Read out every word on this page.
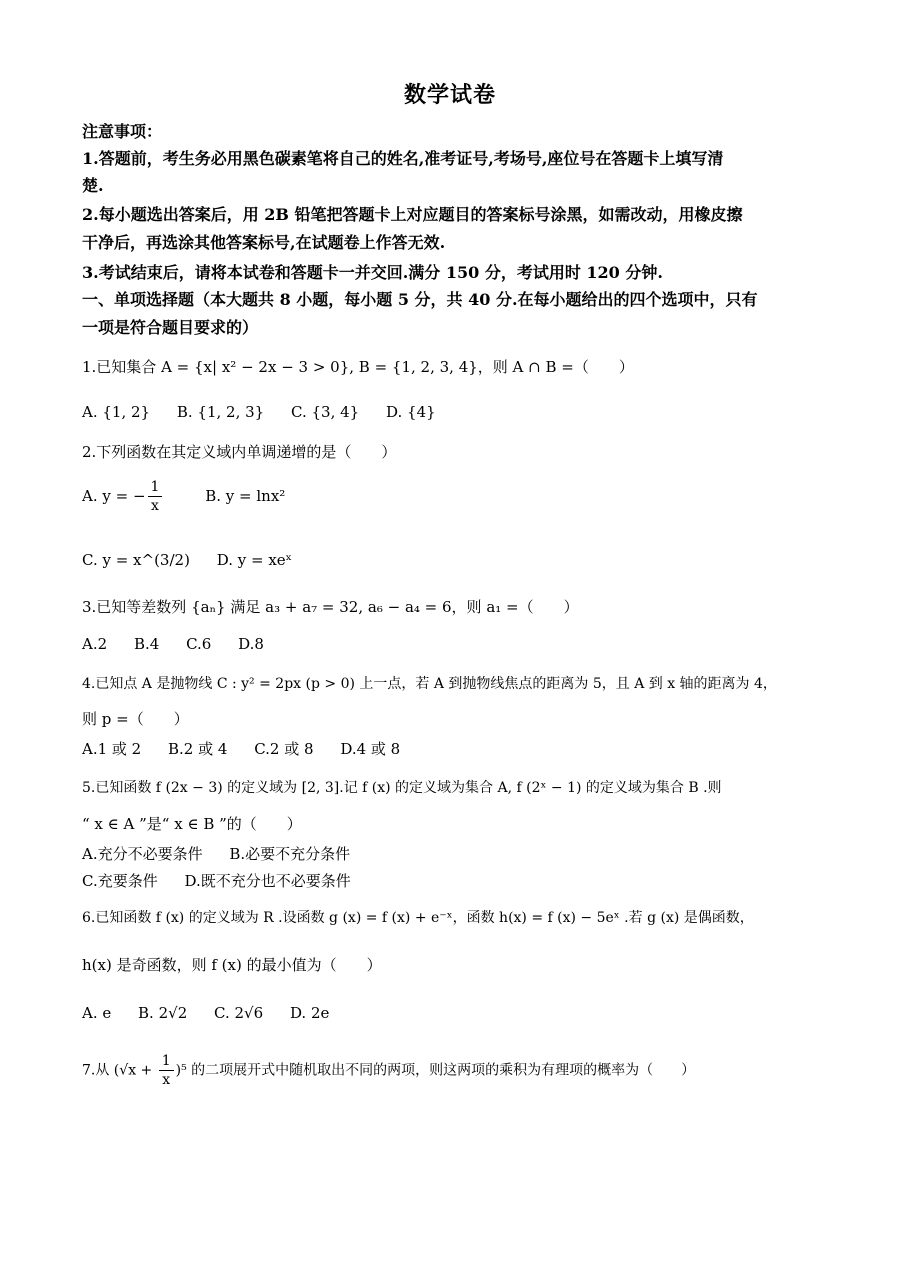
数学试卷
注意事项：
1.答题前，考生务必用黑色碳素笔将自己的姓名,准考证号,考场号,座位号在答题卡上填写清
楚.
2.每小题选出答案后，用 2B 铅笔把答题卡上对应题目的答案标号涂黑，如需改动，用橡皮擦
干净后，再选涂其他答案标号,在试题卷上作答无效.
3.考试结束后，请将本试卷和答题卡一并交回.满分 150 分，考试用时 120 分钟.
一、单项选择题（本大题共 8 小题，每小题 5 分，共 40 分.在每小题给出的四个选项中，只有
一项是符合题目要求的）
1.已知集合 A = {x| x² − 2x − 3 > 0}, B = {1, 2, 3, 4}，则 A ∩ B =（　　）
A. {1, 2} B. {1, 2, 3} C. {3, 4} D. {4}
2.下列函数在其定义域内单调递增的是（　　）
A. y = − $\frac{1}{x}$	B. y = lnx²
C. y = x^(3/2) D. y = xeˣ
3.已知等差数列 {aₙ} 满足 a₃ + a₇ = 32, a₆ − a₄ = 6，则 a₁ =（　　）
A.2 B.4 C.6 D.8
4.已知点 A 是抛物线 C : y² = 2px (p > 0) 上一点，若 A 到抛物线焦点的距离为 5，且 A 到 x 轴的距离为 4，
则 p =（　　）
A.1 或 2 B.2 或 4 C.2 或 8 D.4 或 8
5.已知函数 f (2x − 3) 的定义域为 [2, 3].记 f (x) 的定义域为集合 A, f (2ˣ − 1) 的定义域为集合 B .则
“ x ∈ A ”是“ x ∈ B ”的（　　）
A.充分不必要条件 B.必要不充分条件
C.充要条件 D.既不充分也不必要条件
6.已知函数 f (x) 的定义域为 R .设函数 g (x) = f (x) + e⁻ˣ，函数 h(x) = f (x) − 5eˣ .若 g (x) 是偶函数，
h(x) 是奇函数，则 f (x) 的最小值为（　　）
A. e B. 2√2 C. 2√6 D. 2e
7.从 $(√x + \frac{1}{x} )^5$ 的二项展开式中随机取出不同的两项，则这两项的乘积为有理项的概率为（　　）
